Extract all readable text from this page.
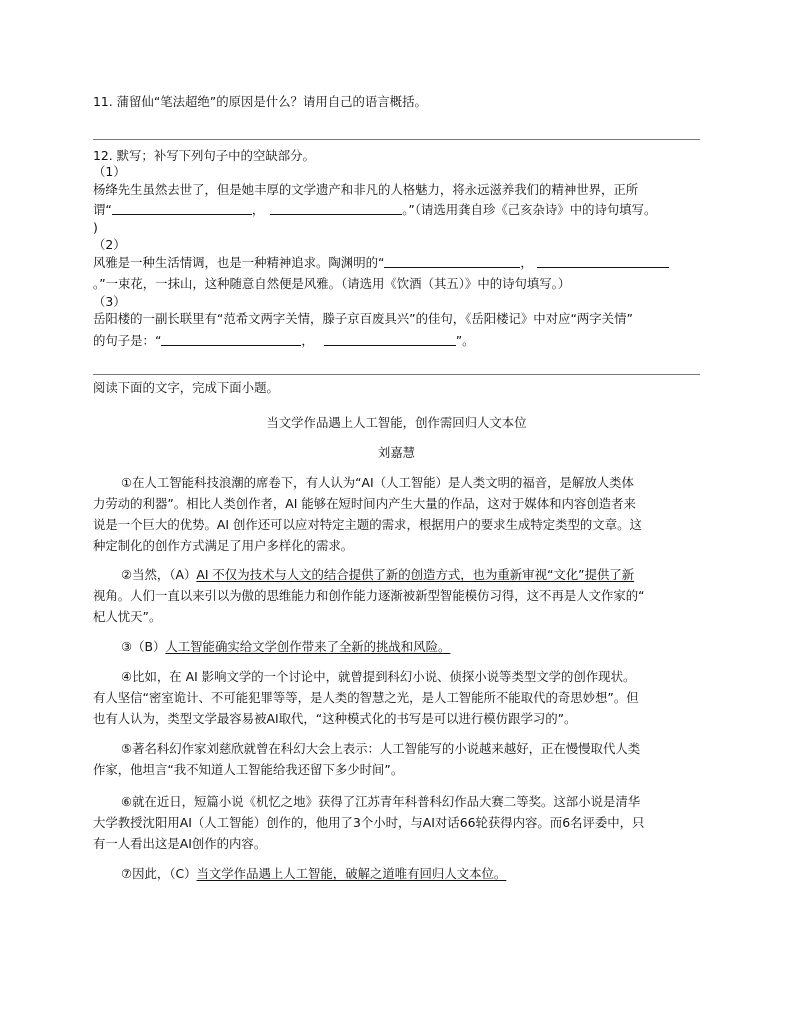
11. 蒲留仙“笔法超绝”的原因是什么？请用自己的语言概括。
12. 默写；补写下列句子中的空缺部分。
（1）
杨绛先生虽然去世了，但是她丰厚的文学遗产和非凡的人格魅力，将永远滋养我们的精神世界，正所
谓“	，	。”（请选用龚自珍《己亥杂诗》中的诗句填写。
)
（2）
风雅是一种生活情调，也是一种精神追求。陶渊明的“	，
。”一束花，一抹山，这种随意自然便是风雅。（请选用《饮酒（其五）》中的诗句填写。）
（3）
岳阳楼的一副长联里有“范希文两字关情，滕子京百废具兴”的佳句，《岳阳楼记》中对应“两字关情”
的句子是：“	，	”。
阅读下面的文字，完成下面小题。
当文学作品遇上人工智能，创作需回归人文本位
刘嘉慧
①在人工智能科技浪潮的席卷下，有人认为“AI（人工智能）是人类文明的福音，是解放人类体
力劳动的利器”。相比人类创作者，AI 能够在短时间内产生大量的作品，这对于媒体和内容创造者来
说是一个巨大的优势。AI 创作还可以应对特定主题的需求，根据用户的要求生成特定类型的文章。这
种定制化的创作方式满足了用户多样化的需求。
②当然，（A）AI 不仅为技术与人文的结合提供了新的创造方式，也为重新审视“文化”提供了新
视角。人们一直以来引以为傲的思维能力和创作能力逐渐被新型智能模仿习得，这不再是人文作家的“
杞人忧天”。
③（B）人工智能确实给文学创作带来了全新的挑战和风险。
④比如，在 AI 影响文学的一个讨论中，就曾提到科幻小说、侦探小说等类型文学的创作现状。
有人坚信“密室诡计、不可能犯罪等等，是人类的智慧之光，是人工智能所不能取代的奇思妙想”。但
也有人认为，类型文学最容易被AI取代，“这种模式化的书写是可以进行模仿跟学习的”。
⑤著名科幻作家刘慈欣就曾在科幻大会上表示：人工智能写的小说越来越好，正在慢慢取代人类
作家，他坦言“我不知道人工智能给我还留下多少时间”。
⑥就在近日，短篇小说《机忆之地》获得了江苏青年科普科幻作品大赛二等奖。这部小说是清华
大学教授沈阳用AI（人工智能）创作的，他用了3个小时，与AI对话66轮获得内容。而6名评委中，只
有一人看出这是AI创作的内容。
⑦因此，（C）当文学作品遇上人工智能，破解之道唯有回归人文本位。
